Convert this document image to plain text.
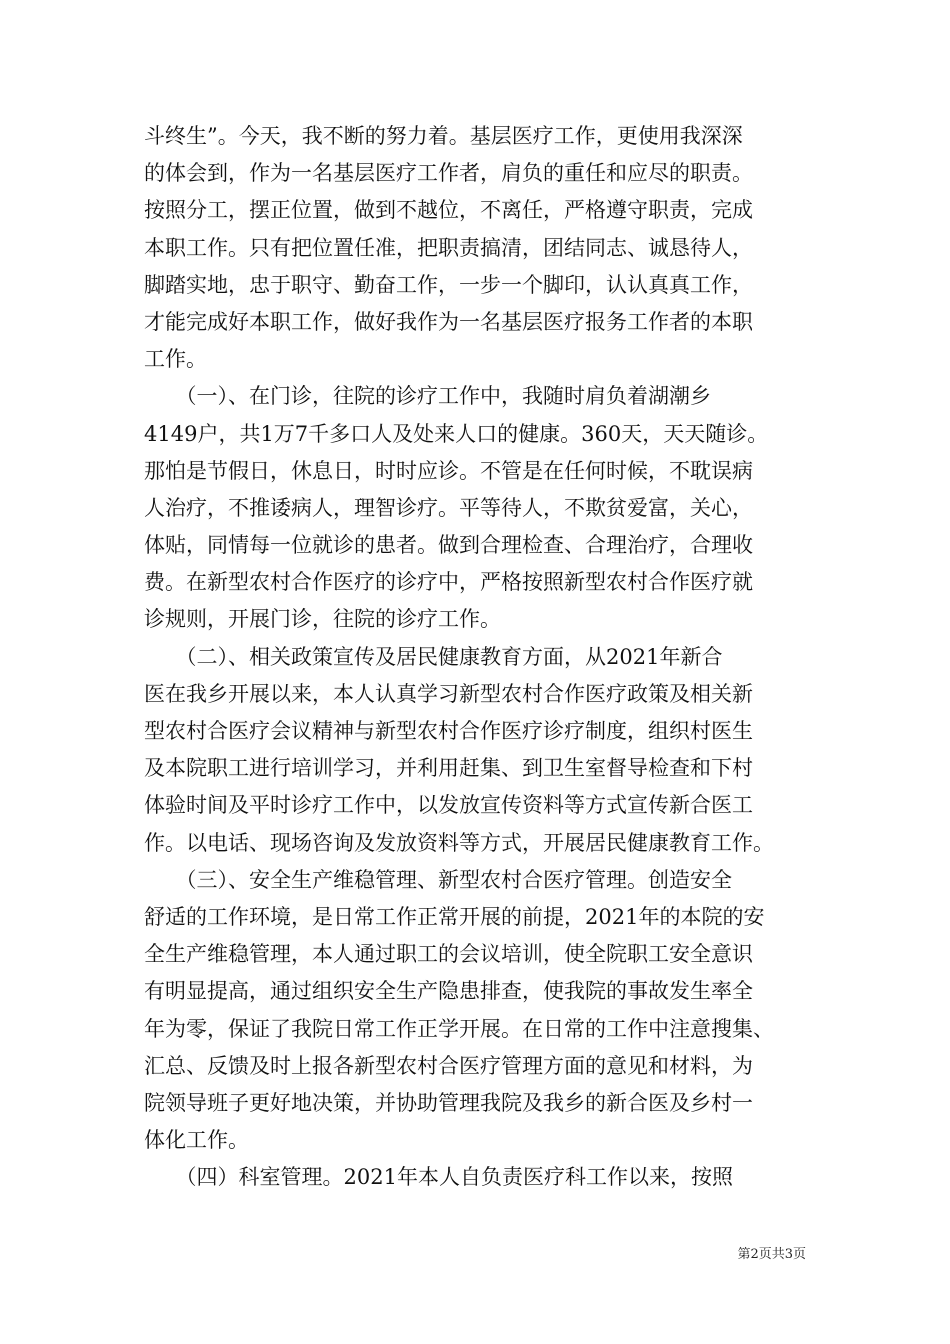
斗终生”。今天，我不断的努力着。基层医疗工作，更使用我深深
的体会到，作为一名基层医疗工作者，肩负的重任和应尽的职责。
按照分工，摆正位置，做到不越位，不离任，严格遵守职责，完成
本职工作。只有把位置任准，把职责搞清，团结同志、诚恳待人，
脚踏实地，忠于职守、勤奋工作，一步一个脚印，认认真真工作，
才能完成好本职工作，做好我作为一名基层医疗报务工作者的本职
工作。
　　（一）、在门诊，往院的诊疗工作中，我随时肩负着湖潮乡
4149户，共1万7千多口人及处来人口的健康。360天，天天随诊。
那怕是节假日，休息日，时时应诊。不管是在任何时候，不耽误病
人治疗，不推诿病人，理智诊疗。平等待人，不欺贫爱富，关心，
体贴，同情每一位就诊的患者。做到合理检查、合理治疗，合理收
费。在新型农村合作医疗的诊疗中，严格按照新型农村合作医疗就
诊规则，开展门诊，往院的诊疗工作。
　　（二）、相关政策宣传及居民健康教育方面，从2021年新合
医在我乡开展以来，本人认真学习新型农村合作医疗政策及相关新
型农村合医疗会议精神与新型农村合作医疗诊疗制度，组织村医生
及本院职工进行培训学习，并利用赶集、到卫生室督导检查和下村
体验时间及平时诊疗工作中，以发放宣传资料等方式宣传新合医工
作。以电话、现场咨询及发放资料等方式，开展居民健康教育工作。
　　（三）、安全生产维稳管理、新型农村合医疗管理。创造安全
舒适的工作环境，是日常工作正常开展的前提，2021年的本院的安
全生产维稳管理，本人通过职工的会议培训，使全院职工安全意识
有明显提高，通过组织安全生产隐患排查，使我院的事故发生率全
年为零，保证了我院日常工作正学开展。在日常的工作中注意搜集、
汇总、反馈及时上报各新型农村合医疗管理方面的意见和材料，为
院领导班子更好地决策，并协助管理我院及我乡的新合医及乡村一
体化工作。
　　（四）科室管理。2021年本人自负责医疗科工作以来，按照
第2页共3页
